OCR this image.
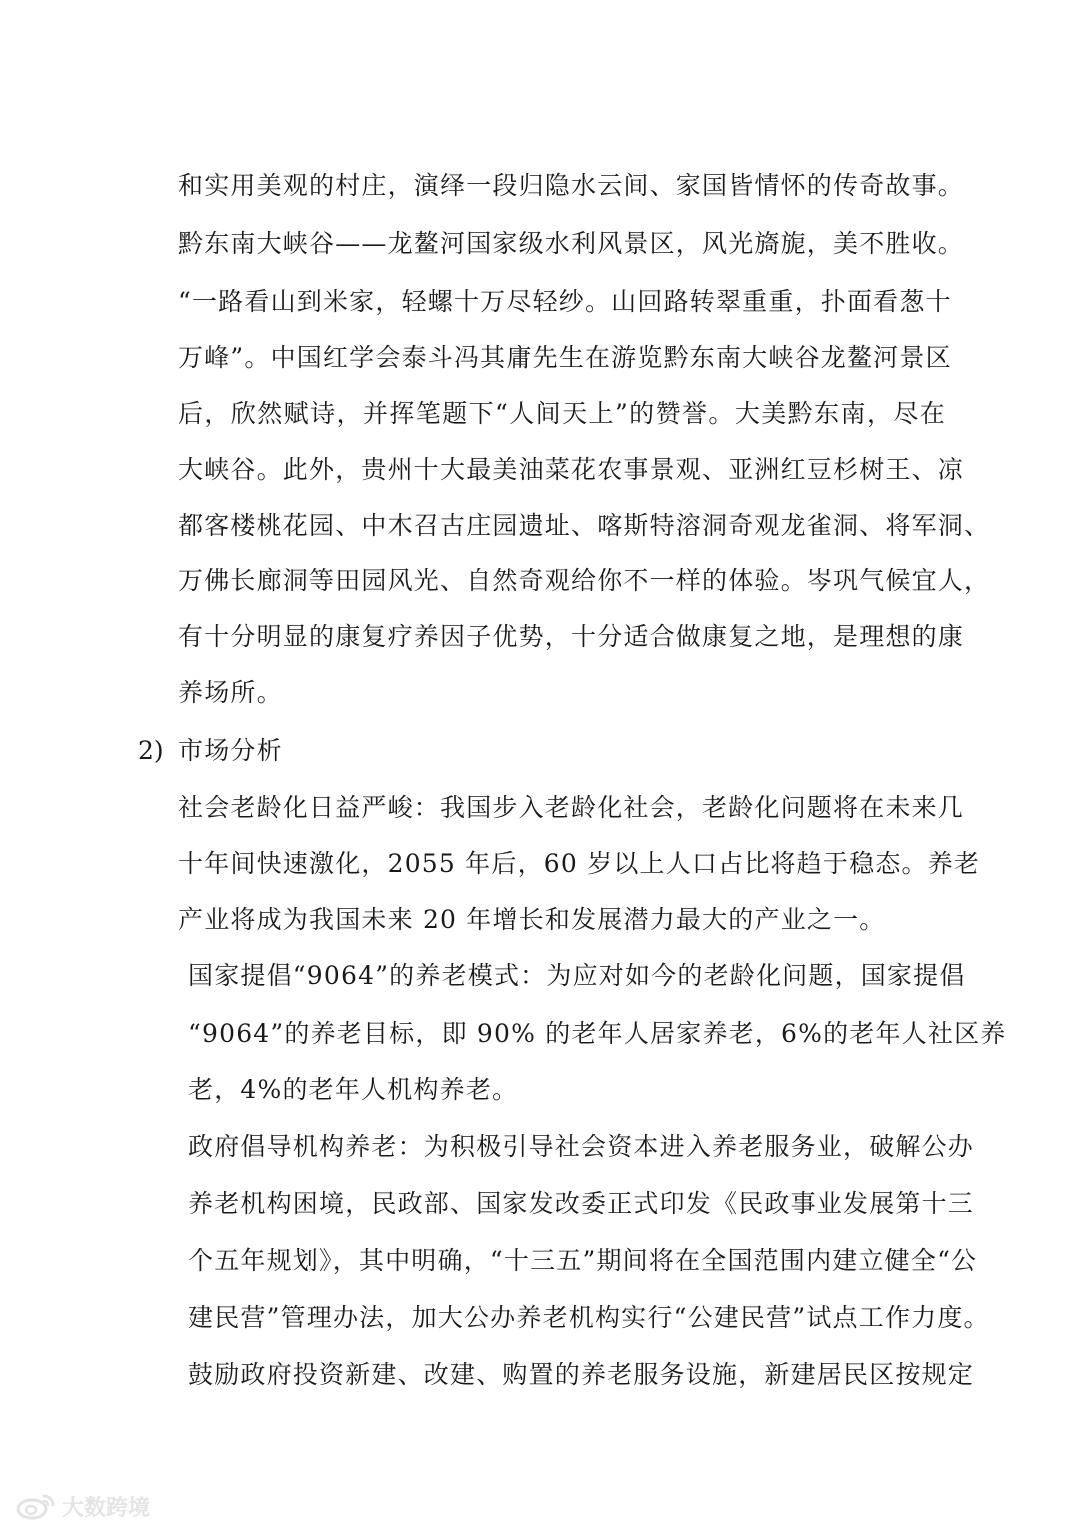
和实用美观的村庄，演绎一段归隐水云间、家国皆情怀的传奇故事。
黔东南大峡谷——龙鳌河国家级水利风景区，风光旖旎，美不胜收。
“一路看山到米家，轻螺十万尽轻纱。山回路转翠重重，扑面看葱十
万峰”。中国红学会泰斗冯其庸先生在游览黔东南大峡谷龙鳌河景区
后，欣然赋诗，并挥笔题下“人间天上”的赞誉。大美黔东南，尽在
大峡谷。此外，贵州十大最美油菜花农事景观、亚洲红豆杉树王、凉
都客楼桃花园、中木召古庄园遗址、喀斯特溶洞奇观龙雀洞、将军洞、
万佛长廊洞等田园风光、自然奇观给你不一样的体验。岑巩气候宜人，
有十分明显的康复疗养因子优势，十分适合做康复之地，是理想的康
养场所。
2) 市场分析
社会老龄化日益严峻：我国步入老龄化社会，老龄化问题将在未来几
十年间快速激化，2055 年后，60 岁以上人口占比将趋于稳态。养老
产业将成为我国未来 20 年增长和发展潜力最大的产业之一。
国家提倡“9064”的养老模式：为应对如今的老龄化问题，国家提倡
“9064”的养老目标，即 90% 的老年人居家养老，6%的老年人社区养
老，4%的老年人机构养老。
政府倡导机构养老：为积极引导社会资本进入养老服务业，破解公办
养老机构困境，民政部、国家发改委正式印发《民政事业发展第十三
个五年规划》，其中明确，“十三五”期间将在全国范围内建立健全“公
建民营”管理办法，加大公办养老机构实行“公建民营”试点工作力度。
鼓励政府投资新建、改建、购置的养老服务设施，新建居民区按规定
大数跨境
